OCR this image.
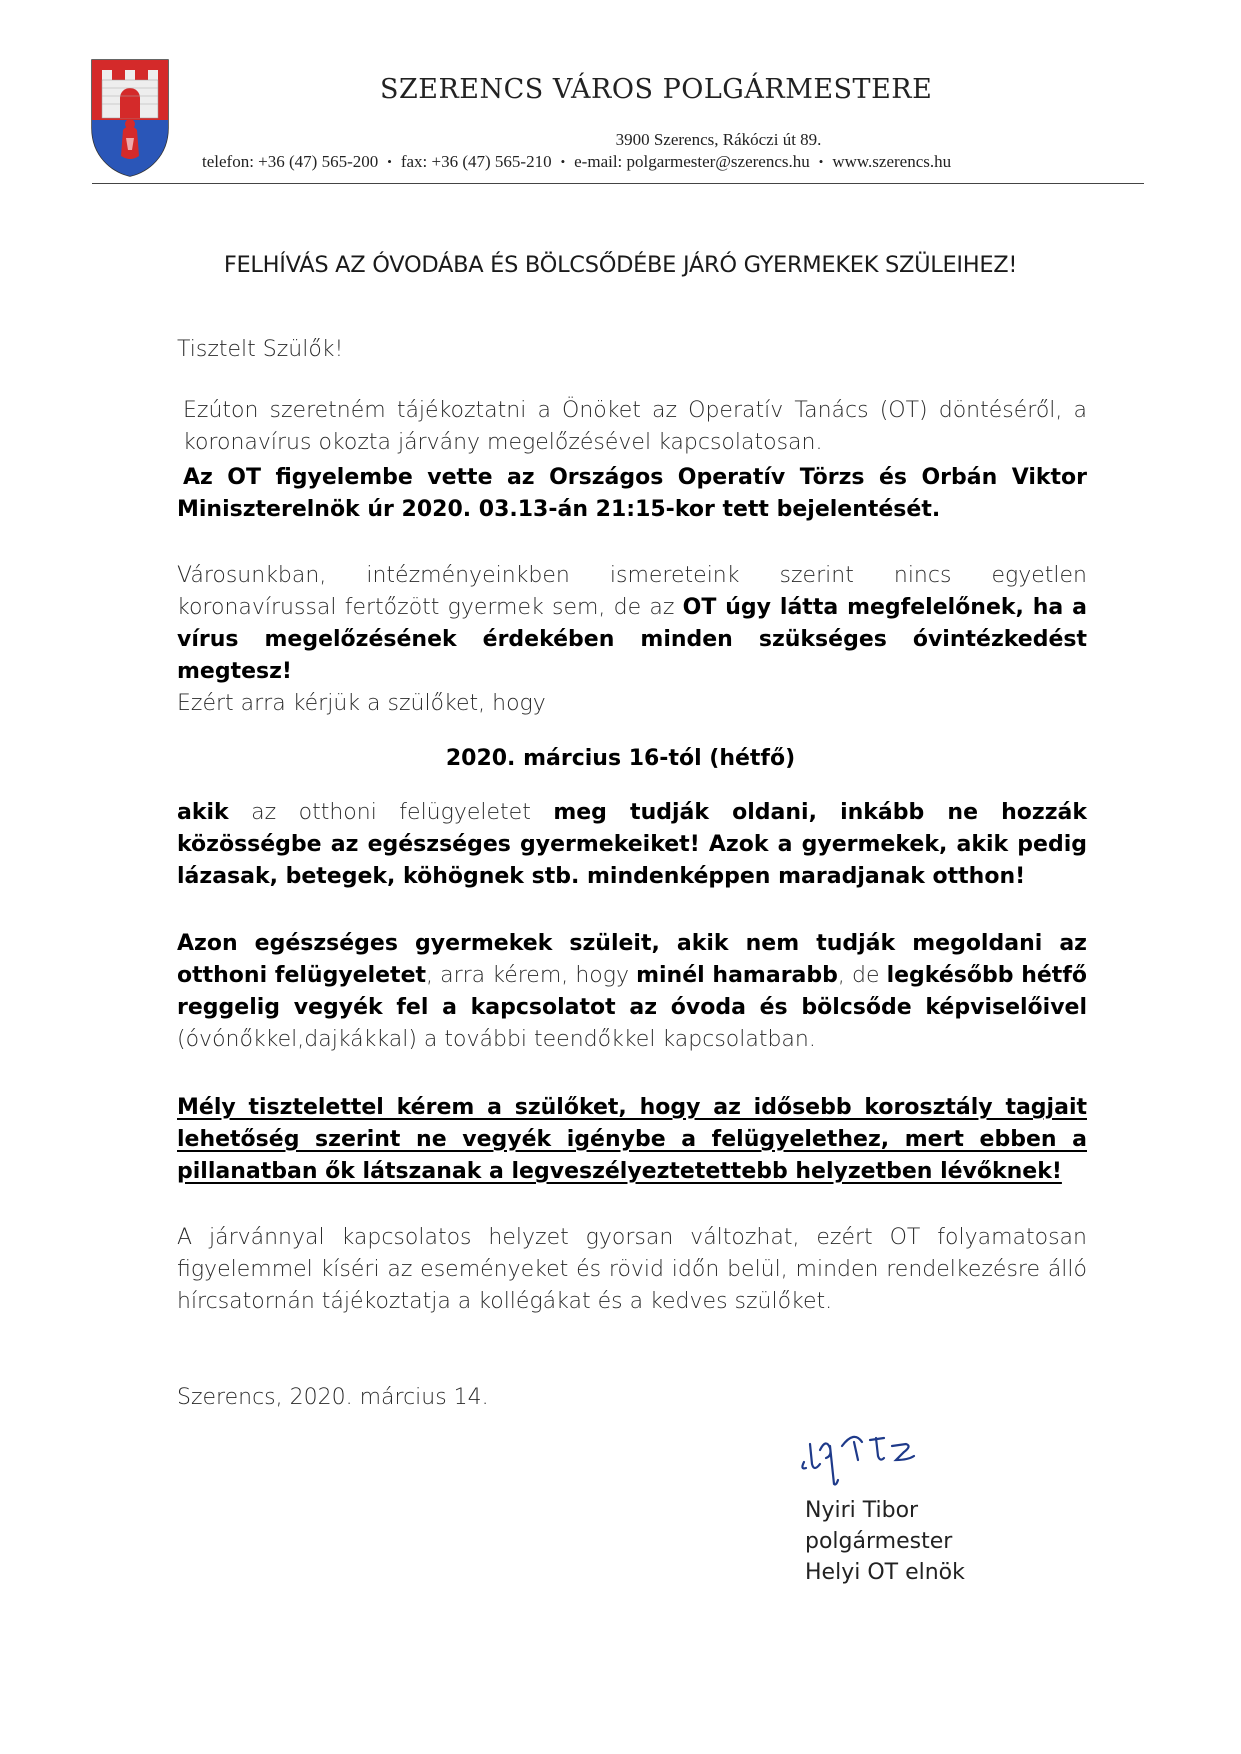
SZERENCS VÁROS POLGÁRMESTERE
3900 Szerencs, Rákóczi út 89.
telefon: +36 (47) 565-200 • fax: +36 (47) 565-210 • e-mail: polgarmester@szerencs.hu • www.szerencs.hu
FELHÍVÁS AZ ÓVODÁBA ÉS BÖLCSŐDÉBE JÁRÓ GYERMEKEK SZÜLEIHEZ!
Tisztelt Szülők!
Ezúton szeretném tájékoztatni a Önöket az Operatív Tanács (OT) döntéséről, a koronavírus okozta járvány megelőzésével kapcsolatosan.
Az OT figyelembe vette az Országos Operatív Törzs és Orbán Viktor Miniszterelnök úr 2020. 03.13-án 21:15-kor tett bejelentését.
Városunkban, intézményeinkben ismereteink szerint nincs egyetlen koronavírussal fertőzött gyermek sem, de az OT úgy látta megfelelőnek, ha a vírus megelőzésének érdekében minden szükséges óvintézkedést megtesz!
Ezért arra kérjük a szülőket, hogy
2020. március 16-tól (hétfő)
akik az otthoni felügyeletet meg tudják oldani, inkább ne hozzák közösségbe az egészséges gyermekeiket! Azok a gyermekek, akik pedig lázasak, betegek, köhögnek stb. mindenképpen maradjanak otthon!
Azon egészséges gyermekek szüleit, akik nem tudják megoldani az otthoni felügyeletet, arra kérem, hogy minél hamarabb, de legkésőbb hétfő reggelig vegyék fel a kapcsolatot az óvoda és bölcsőde képviselőivel (óvónőkkel,dajkákkal) a további teendőkkel kapcsolatban.
Mély tisztelettel kérem a szülőket, hogy az idősebb korosztály tagjait lehetőség szerint ne vegyék igénybe a felügyelethez, mert ebben a pillanatban ők látszanak a legveszélyeztetettebb helyzetben lévőknek!
A járvánnyal kapcsolatos helyzet gyorsan változhat, ezért OT folyamatosan figyelemmel kíséri az eseményeket és rövid időn belül, minden rendelkezésre álló hírcsatornán tájékoztatja a kollégákat és a kedves szülőket.
Szerencs, 2020. március 14.
Nyiri Tibor
polgármester
Helyi OT elnök
